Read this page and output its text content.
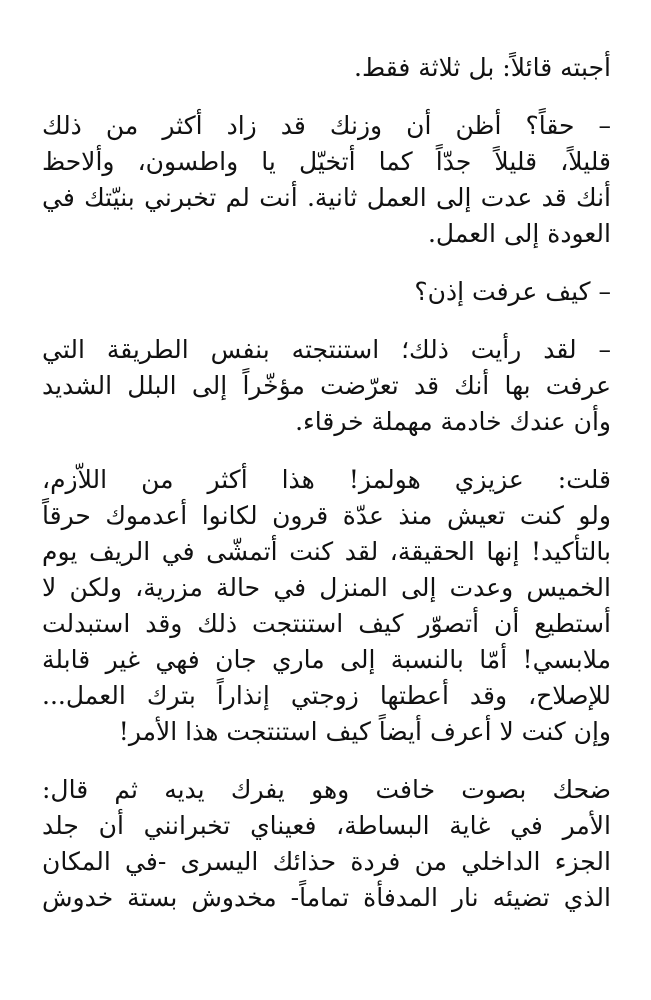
أجبته قائلاً: بل ثلاثة فقط.

– حقاً؟ أظن أن وزنك قد زاد أكثر من ذلك
قليلاً، قليلاً جدّاً كما أتخيّل يا واطسون، وألاحظ
أنك قد عدت إلى العمل ثانية. أنت لم تخبرني بنيّتك في
العودة إلى العمل.

– كيف عرفت إذن؟

– لقد رأيت ذلك؛ استنتجته بنفس الطريقة التي
عرفت بها أنك قد تعرّضت مؤخّراً إلى البلل الشديد
وأن عندك خادمة مهملة خرقاء.

قلت: عزيزي هولمز! هذا أكثر من اللاّزم،
ولو كنت تعيش منذ عدّة قرون لكانوا أعدموك حرقاً
بالتأكيد! إنها الحقيقة، لقد كنت أتمشّى في الريف يوم
الخميس وعدت إلى المنزل في حالة مزرية، ولكن لا
أستطيع أن أتصوّر كيف استنتجت ذلك وقد استبدلت
ملابسي! أمّا بالنسبة إلى ماري جان فهي غير قابلة
للإصلاح، وقد أعطتها زوجتي إنذاراً بترك العمل...
وإن كنت لا أعرف أيضاً كيف استنتجت هذا الأمر!

ضحك بصوت خافت وهو يفرك يديه ثم قال:
الأمر في غاية البساطة، فعيناي تخبرانني أن جلد
الجزء الداخلي من فردة حذائك اليسرى -في المكان
الذي تضيئه نار المدفأة تماماً- مخدوش بستة خدوش
